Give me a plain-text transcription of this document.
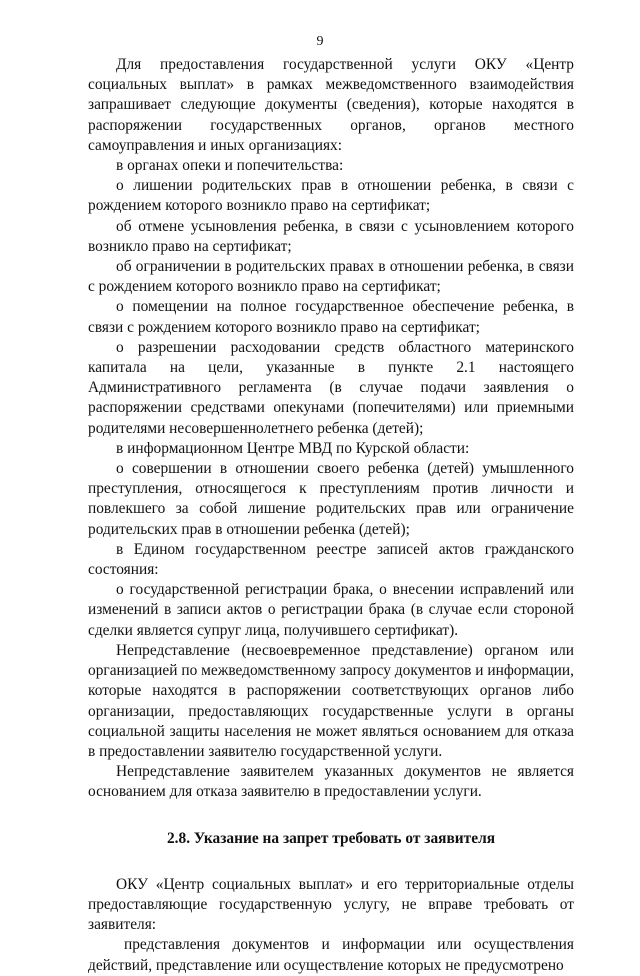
9

Для предоставления государственной услуги ОКУ «Центр социальных выплат» в рамках межведомственного взаимодействия запрашивает следующие документы (сведения), которые находятся в распоряжении государственных органов, органов местного самоуправления и иных организациях:

в органах опеки и попечительства:

о лишении родительских прав в отношении ребенка, в связи с рождением которого возникло право на сертификат;

об отмене усыновления ребенка, в связи с усыновлением которого возникло право на сертификат;

об ограничении в родительских правах в отношении ребенка, в связи с рождением которого возникло право на сертификат;

о помещении на полное государственное обеспечение ребенка, в связи с рождением которого возникло право на сертификат;

о разрешении расходовании средств областного материнского капитала на цели, указанные в пункте 2.1 настоящего Административного регламента (в случае подачи заявления о распоряжении средствами опекунами (попечителями) или приемными родителями несовершеннолетнего ребенка (детей);

в информационном Центре МВД по Курской области:

о совершении в отношении своего ребенка (детей) умышленного преступления, относящегося к преступлениям против личности и повлекшего за собой лишение родительских прав или ограничение родительских прав в отношении ребенка (детей);

в Едином государственном реестре записей актов гражданского состояния:

о государственной регистрации брака, о внесении исправлений или изменений в записи актов о регистрации брака (в случае если стороной сделки является супруг лица, получившего сертификат).

Непредставление (несвоевременное представление) органом или организацией по межведомственному запросу документов и информации, которые находятся в распоряжении соответствующих органов либо организации, предоставляющих государственные услуги в органы социальной защиты населения не может являться основанием для отказа в предоставлении заявителю государственной услуги.

Непредставление заявителем указанных документов не является основанием для отказа заявителю в предоставлении услуги.

2.8. Указание на запрет требовать от заявителя

ОКУ «Центр социальных выплат» и его территориальные отделы предоставляющие государственную услугу, не вправе требовать от заявителя:

представления документов и информации или осуществления действий, представление или осуществление которых не предусмотрено
